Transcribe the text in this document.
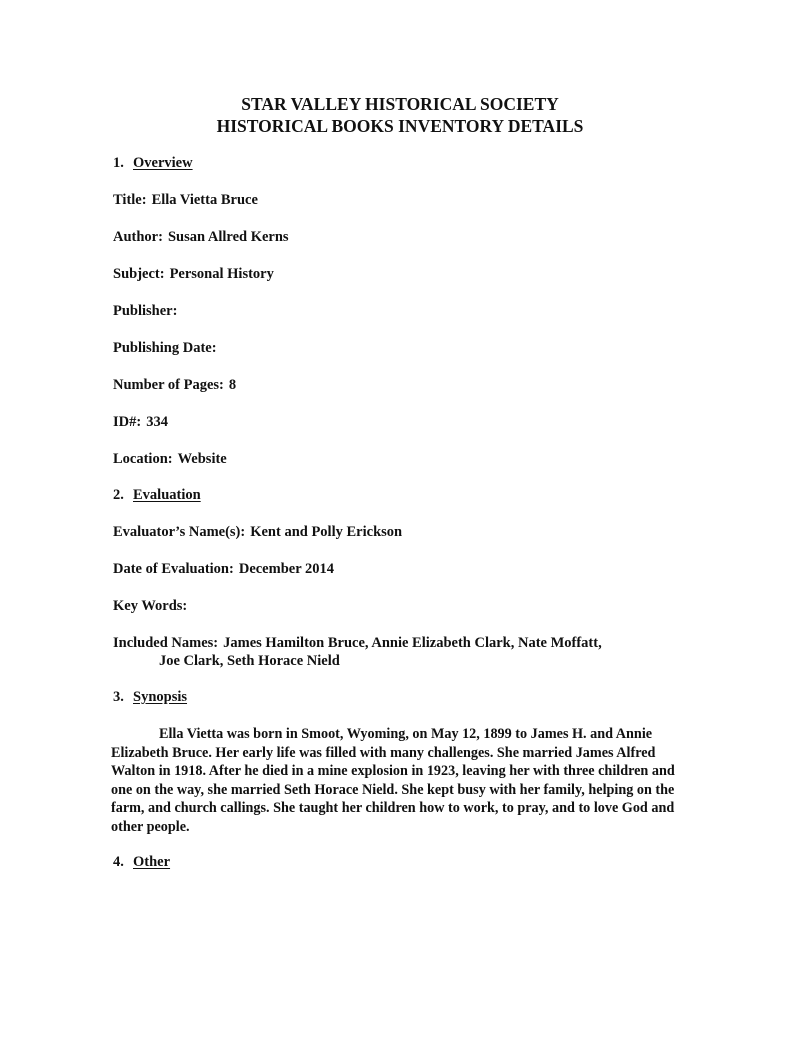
STAR VALLEY HISTORICAL SOCIETY
HISTORICAL BOOKS INVENTORY DETAILS
1. Overview
Title: Ella Vietta Bruce
Author: Susan Allred Kerns
Subject: Personal History
Publisher:
Publishing Date:
Number of Pages: 8
ID#: 334
Location: Website
2. Evaluation
Evaluator’s Name(s): Kent and Polly Erickson
Date of Evaluation: December 2014
Key Words:
Included Names: James Hamilton Bruce, Annie Elizabeth Clark, Nate Moffatt,
Joe Clark, Seth Horace Nield
3. Synopsis
Ella Vietta was born in Smoot, Wyoming, on May 12, 1899 to James H. and Annie Elizabeth Bruce. Her early life was filled with many challenges. She married James Alfred Walton in 1918. After he died in a mine explosion in 1923, leaving her with three children and one on the way, she married Seth Horace Nield. She kept busy with her family, helping on the farm, and church callings. She taught her children how to work, to pray, and to love God and other people.
4. Other
